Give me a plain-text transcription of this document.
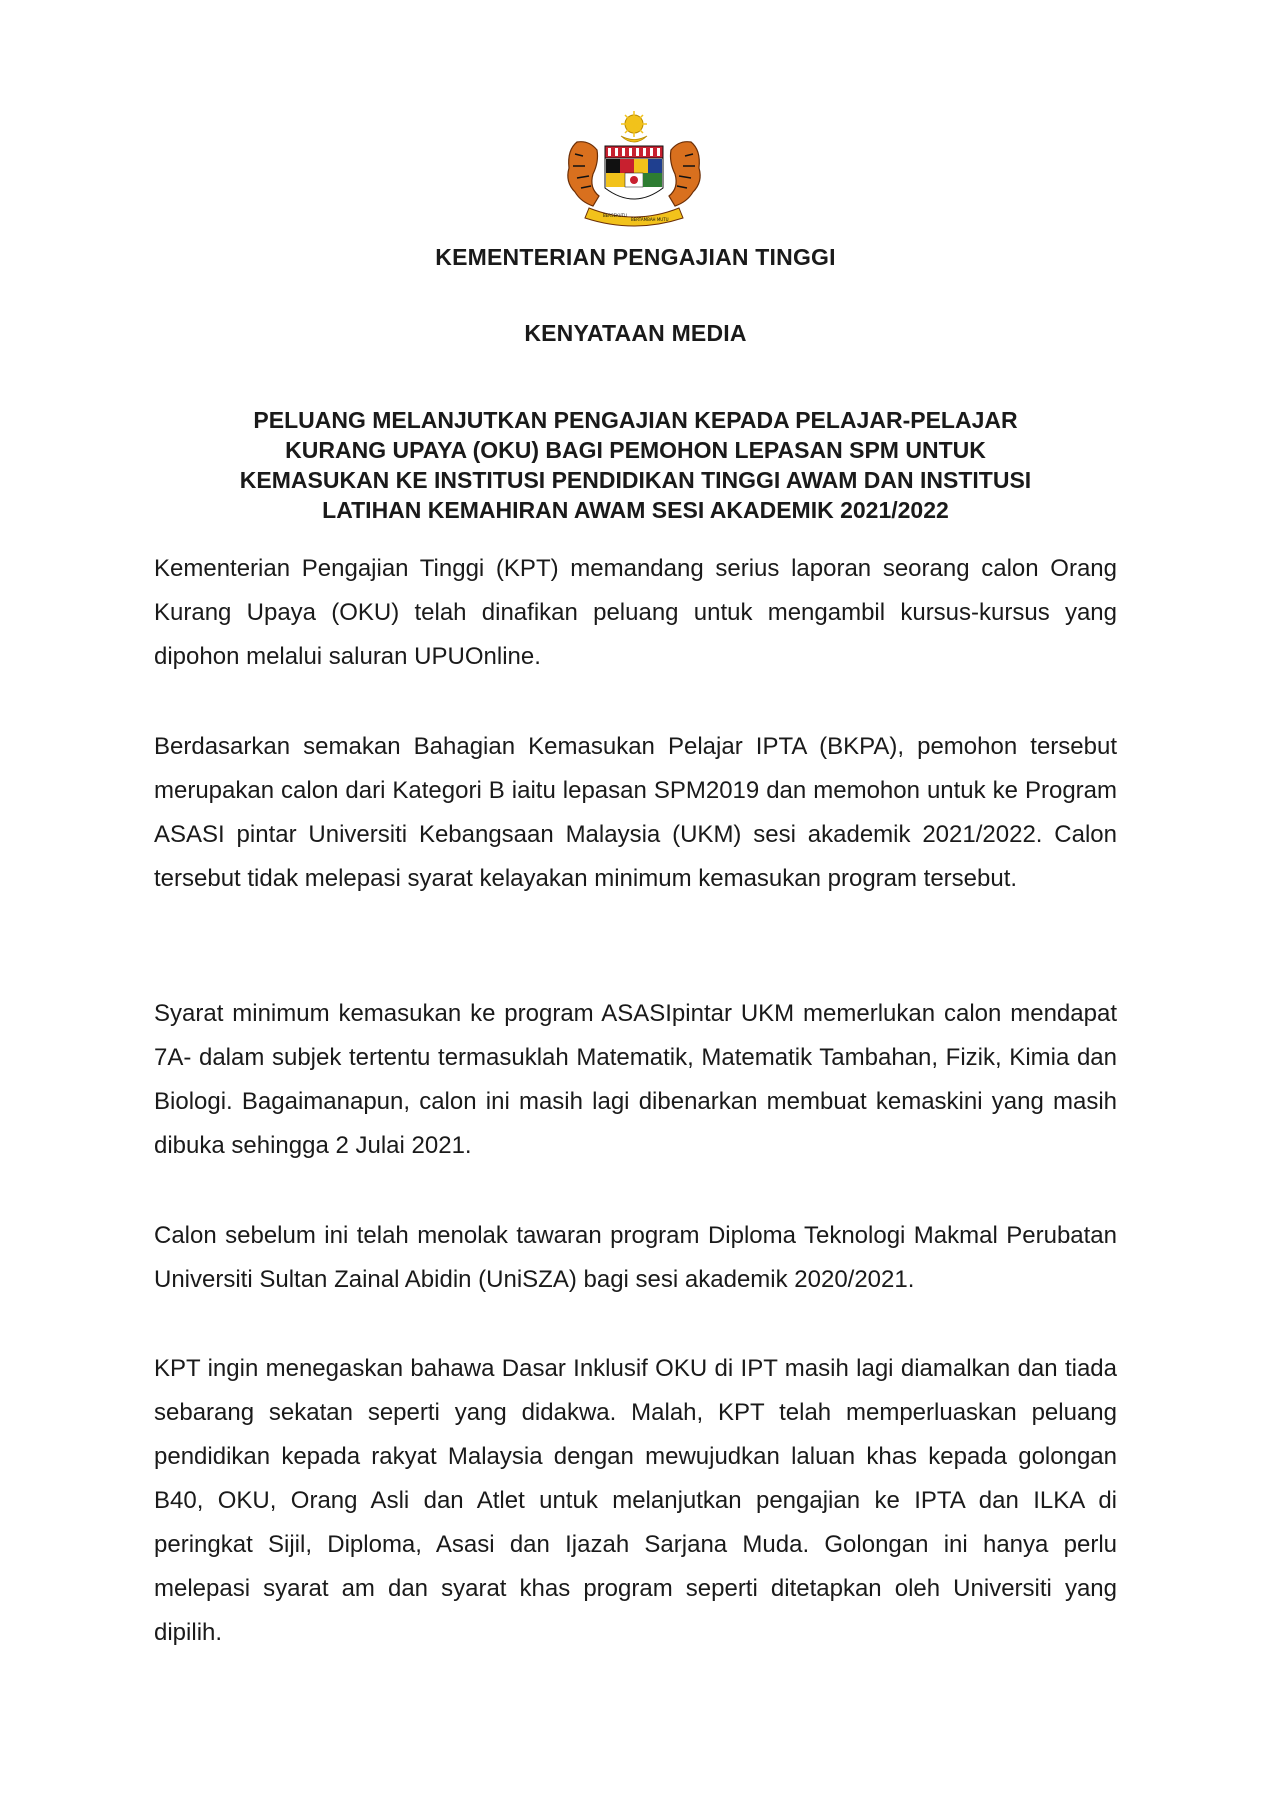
BERSEKUTU
BERTAMBAH MUTU
KEMENTERIAN PENGAJIAN TINGGI
KENYATAAN MEDIA
PELUANG MELANJUTKAN PENGAJIAN KEPADA PELAJAR-PELAJAR
KURANG UPAYA (OKU) BAGI PEMOHON LEPASAN SPM UNTUK
KEMASUKAN KE INSTITUSI PENDIDIKAN TINGGI AWAM DAN INSTITUSI
LATIHAN KEMAHIRAN AWAM SESI AKADEMIK 2021/2022

Kementerian Pengajian Tinggi (KPT) memandang serius laporan seorang calon Orang Kurang Upaya (OKU) telah dinafikan peluang untuk mengambil kursus-kursus yang dipohon melalui saluran UPUOnline.

Berdasarkan semakan Bahagian Kemasukan Pelajar IPTA (BKPA), pemohon tersebut merupakan calon dari Kategori B iaitu lepasan SPM2019 dan memohon untuk ke Program ASASI pintar Universiti Kebangsaan Malaysia (UKM) sesi akademik 2021/2022. Calon tersebut tidak melepasi syarat kelayakan minimum kemasukan program tersebut.

Syarat minimum kemasukan ke program ASASIpintar UKM memerlukan calon mendapat 7A- dalam subjek tertentu termasuklah Matematik, Matematik Tambahan, Fizik, Kimia dan Biologi. Bagaimanapun, calon ini masih lagi dibenarkan membuat kemaskini yang masih dibuka sehingga 2 Julai 2021.

Calon sebelum ini telah menolak tawaran program Diploma Teknologi Makmal Perubatan Universiti Sultan Zainal Abidin (UniSZA) bagi sesi akademik 2020/2021.

KPT ingin menegaskan bahawa Dasar Inklusif OKU di IPT masih lagi diamalkan dan tiada sebarang sekatan seperti yang didakwa. Malah, KPT telah memperluaskan peluang pendidikan kepada rakyat Malaysia dengan mewujudkan laluan khas kepada golongan B40, OKU, Orang Asli dan Atlet untuk melanjutkan pengajian ke IPTA dan ILKA di peringkat Sijil, Diploma, Asasi dan Ijazah Sarjana Muda. Golongan ini hanya perlu melepasi syarat am dan syarat khas program seperti ditetapkan oleh Universiti yang dipilih.
